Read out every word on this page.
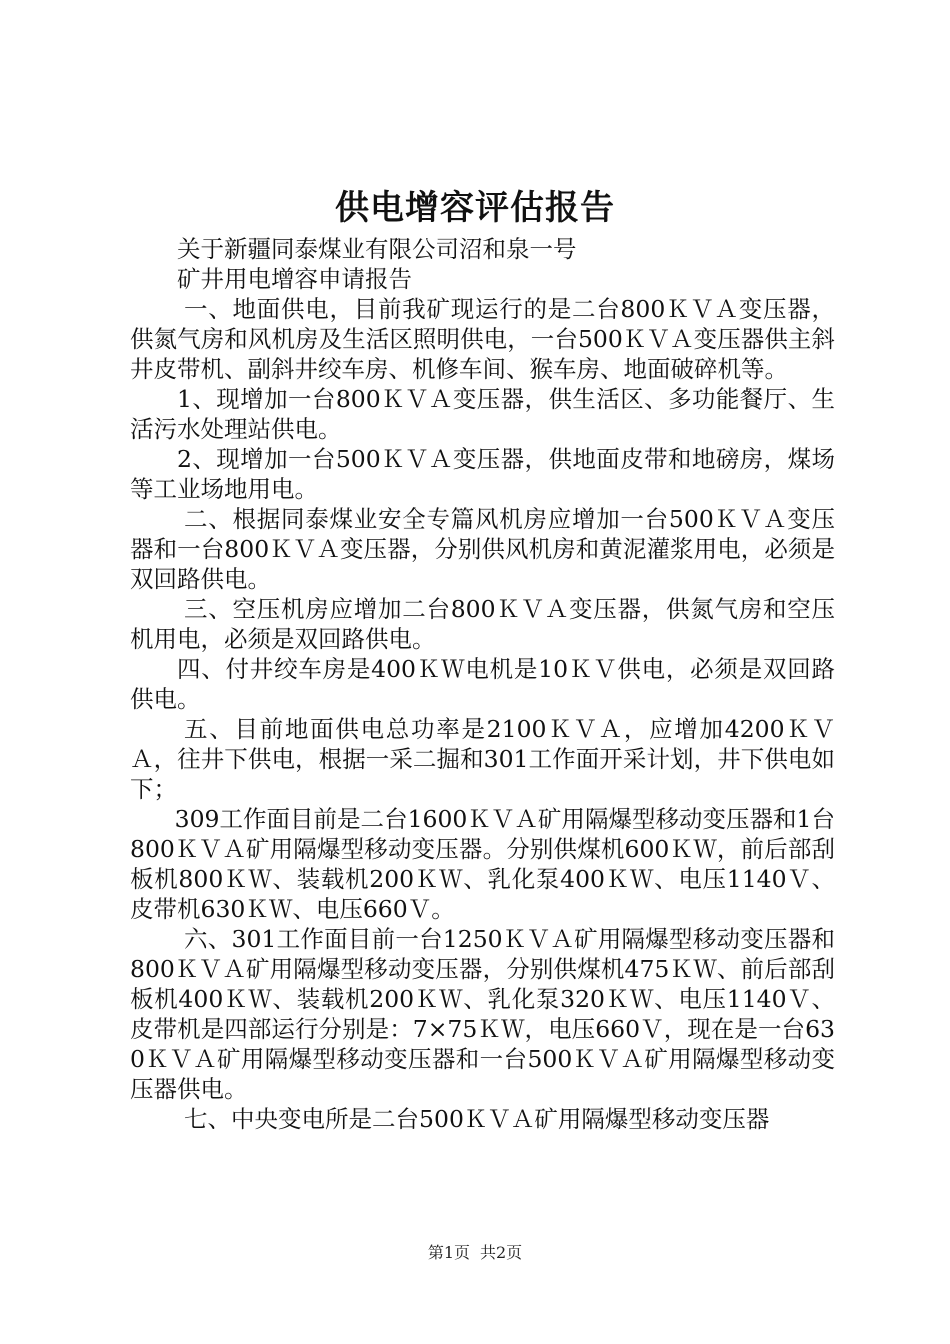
供电增容评估报告

关于新疆同泰煤业有限公司沼和泉一号

矿井用电增容申请报告

一、地面供电，目前我矿现运行的是二台800ＫＶＡ变压器，供氮气房和风机房及生活区照明供电，一台500ＫＶＡ变压器供主斜井皮带机、副斜井绞车房、机修车间、猴车房、地面破碎机等。

1、现增加一台800ＫＶＡ变压器，供生活区、多功能餐厅、生活污水处理站供电。

2、现增加一台500ＫＶＡ变压器，供地面皮带和地磅房，煤场等工业场地用电。

二、根据同泰煤业安全专篇风机房应增加一台500ＫＶＡ变压器和一台800ＫＶＡ变压器，分别供风机房和黄泥灌浆用电，必须是双回路供电。

三、空压机房应增加二台800ＫＶＡ变压器，供氮气房和空压机用电，必须是双回路供电。

四、付井绞车房是400ＫＷ电机是10ＫＶ供电，必须是双回路供电。

五、目前地面供电总功率是2100ＫＶＡ，应增加4200ＫＶＡ，往井下供电，根据一采二掘和301工作面开采计划，井下供电如下；

309工作面目前是二台1600ＫＶＡ矿用隔爆型移动变压器和1台800ＫＶＡ矿用隔爆型移动变压器。分别供煤机600ＫＷ，前后部刮板机800ＫＷ、装载机200ＫＷ、乳化泵400ＫＷ、电压1140Ｖ、皮带机630ＫＷ、电压660Ｖ。

六、301工作面目前一台1250ＫＶＡ矿用隔爆型移动变压器和800ＫＶＡ矿用隔爆型移动变压器，分别供煤机475ＫＷ、前后部刮板机400ＫＷ、装载机200ＫＷ、乳化泵320ＫＷ、电压1140Ｖ、皮带机是四部运行分别是：7×75ＫＷ，电压660Ｖ，现在是一台630ＫＶＡ矿用隔爆型移动变压器和一台500ＫＶＡ矿用隔爆型移动变压器供电。

七、中央变电所是二台500ＫＶＡ矿用隔爆型移动变压器

第1页 共2页
